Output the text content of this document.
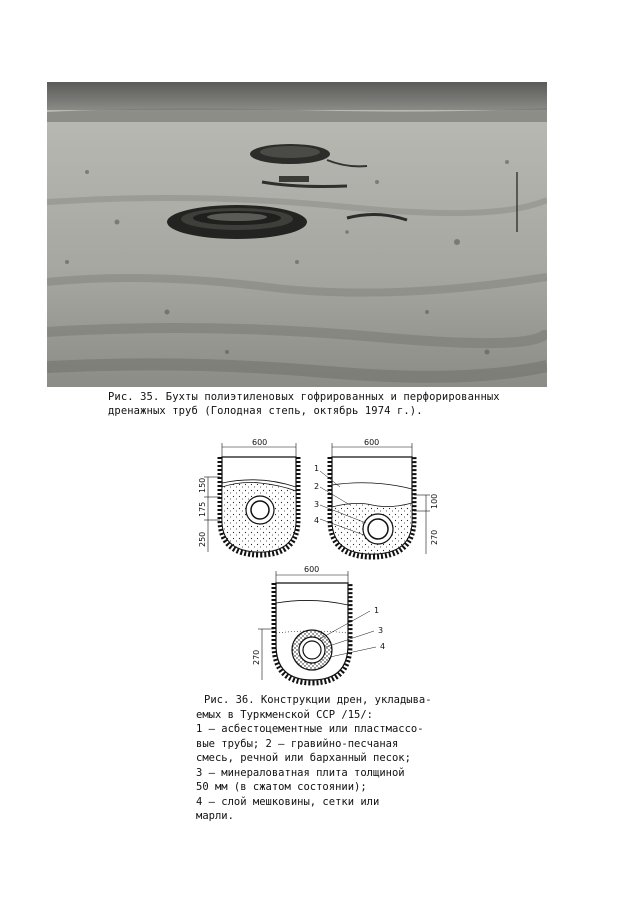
Рис. 35. Бухты полиэтиленовых гофрированных и перфорированных
дренажных труб (Голодная степь, октябрь 1974 г.).
600
150
175
250
600
100
270
1
2
3
4
600
270
1
3
4
Рис. 36. Конструкции дрен, укладыва-
емых в Туркменской ССР /15/:
1 – асбестоцементные или пластмассо-
вые трубы; 2 – гравийно-песчаная
смесь, речной или барханный песок;
3 – минераловатная плита толщиной
50 мм (в сжатом состоянии);
4 – слой мешковины, сетки или
марли.
